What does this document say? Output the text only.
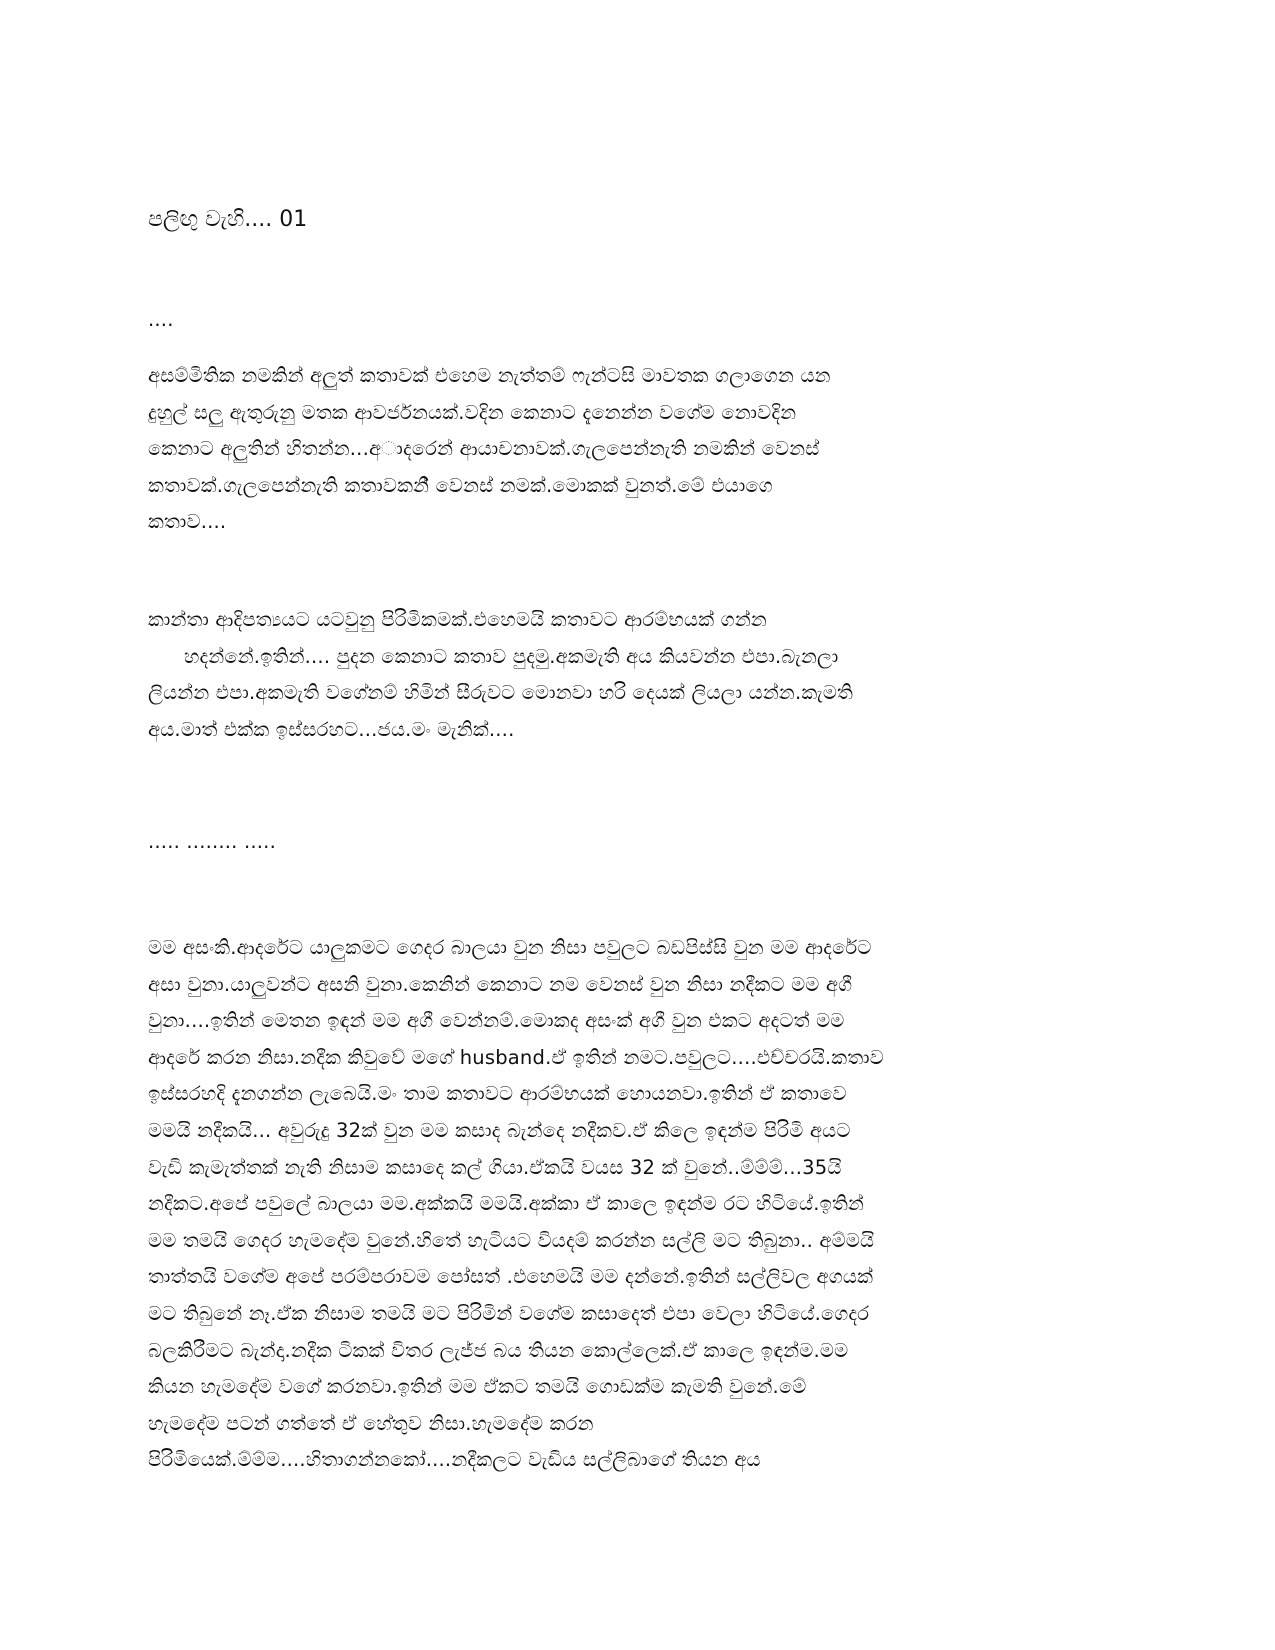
පලිඟු වැහි.... 01
....
අසම්මිතික නමකින් අලුත් කතාවක් එහෙම නැත්තම් ෆැන්ටසි මාවතක ගලාගෙන යන
දුහුල් සලු ඇතුරුනු මතක ආවර්ජනයක්.වදින කෙනාට දැනෙන්න වගේම නොවදින
කෙනාට අලුතින් හිතන්න...අාදරෙන් ආයාචනාවක්.ගැලපෙන්නැති නමකින් වෙනස්
කතාවක්.ගැලපෙන්නැති කතාවකනි් වෙනස් නමක්.මොකක් වුනත්.මේ එයාගෙ
කතාව....
කාන්තා ආදිපත්‍යයට යටවුනු පිරිමිකමක්.එහෙමයි කතාවට ආරම්භයක් ගන්න
හදන්නේ.ඉතින්.... පුදන කෙනාට කතාව පුදමු.අකමැති අය කියවන්න එපා.බැනලා
ලියන්න එපා.අකමැති වගේනම් හිමින් සීරුවට මොනවා හරි දෙයක් ලියලා යන්න.කැමති
අය.මාත් එක්ක ඉස්සරහට...ජය.මං මැනික්....
..... ........ .....
මම අසංකි.ආදරේට යාලුකමට ගෙදර බාලයා වුන නිසා පවුලට බඩපිස්සි වුන මම ආදරේට
අසා වුනා.යාලුවන්ට අසනි වුනා.කෙනින් කෙනාට නම වෙනස් වුන නිසා නදීකට මම අගී
වුනා....ඉතින් මෙතන ඉඳන් මම අගී වෙන්නම්.මොකද අසංක් අගී වුන එකට අදටත් මම
ආදරේ කරන නිසා.නදීක කිවුවේ මගේ husband.ඒ ඉතින් නමට.පවුලට....එච්චරයි.කතාව
ඉස්සරහදි දැනගන්න ලැබෙයි.මං තාම කතාවට ආරම්භයක් හොයනවා.ඉතින් ඒ කතාවෙ
මමයි නදීකයි... අවුරුදු 32ක් වුන මම කසාද බැන්දෙ නදීකව.ඒ කිලෙ ඉඳන්ම පිරිමි අයට
වැඩි කැමැත්තක් නැති නිසාම කසාදෙ කල් ගියා.ඒකයි වයස 32 ක් වුනේ..ම්ම්ම්...35යි
නදීකට.අපේ පවුලේ බාලයා මම.අක්කයි මමයි.අක්කා ඒ කාලෙ ඉඳන්ම රට හිටියේ.ඉතින්
මම තමයි ගෙදර හැමදේම වුනේ.හිතේ හැටියට වියදම් කරන්න සල්ලි මට තිබුනා.. අම්මයි
තාත්තයි වගේම අපේ පරම්පරාවම පෝසත් .එහෙමයි මම දන්නේ.ඉතින් සල්ලිවල අගයක්
මට තිබුනේ නෑ.ඒක නිසාම තමයි මට පිරිමින් වගේම කසාදෙත් එපා වෙලා හිටියේ.ගෙදර
බලකිරීමට බැන්දා.නදීක ටිකක් විතර ලැජ්ජ බය තියන කොල්ලෙක්.ඒ කාලෙ ඉඳන්ම.මම
කියන හැමදේම වගේ කරනවා.ඉතින් මම ඒකට තමයි ගොඩක්ම කැමති වුනේ.මේ
හැමදේම පටන් ගත්තේ ඒ හේතුව නිසා.හැමදේම කරන
පිරිමියෙක්.ම්ම්ම....හිතාගන්නකෝ....නදීකලට වැඩිය සල්ලිබාගේ තියන අය
